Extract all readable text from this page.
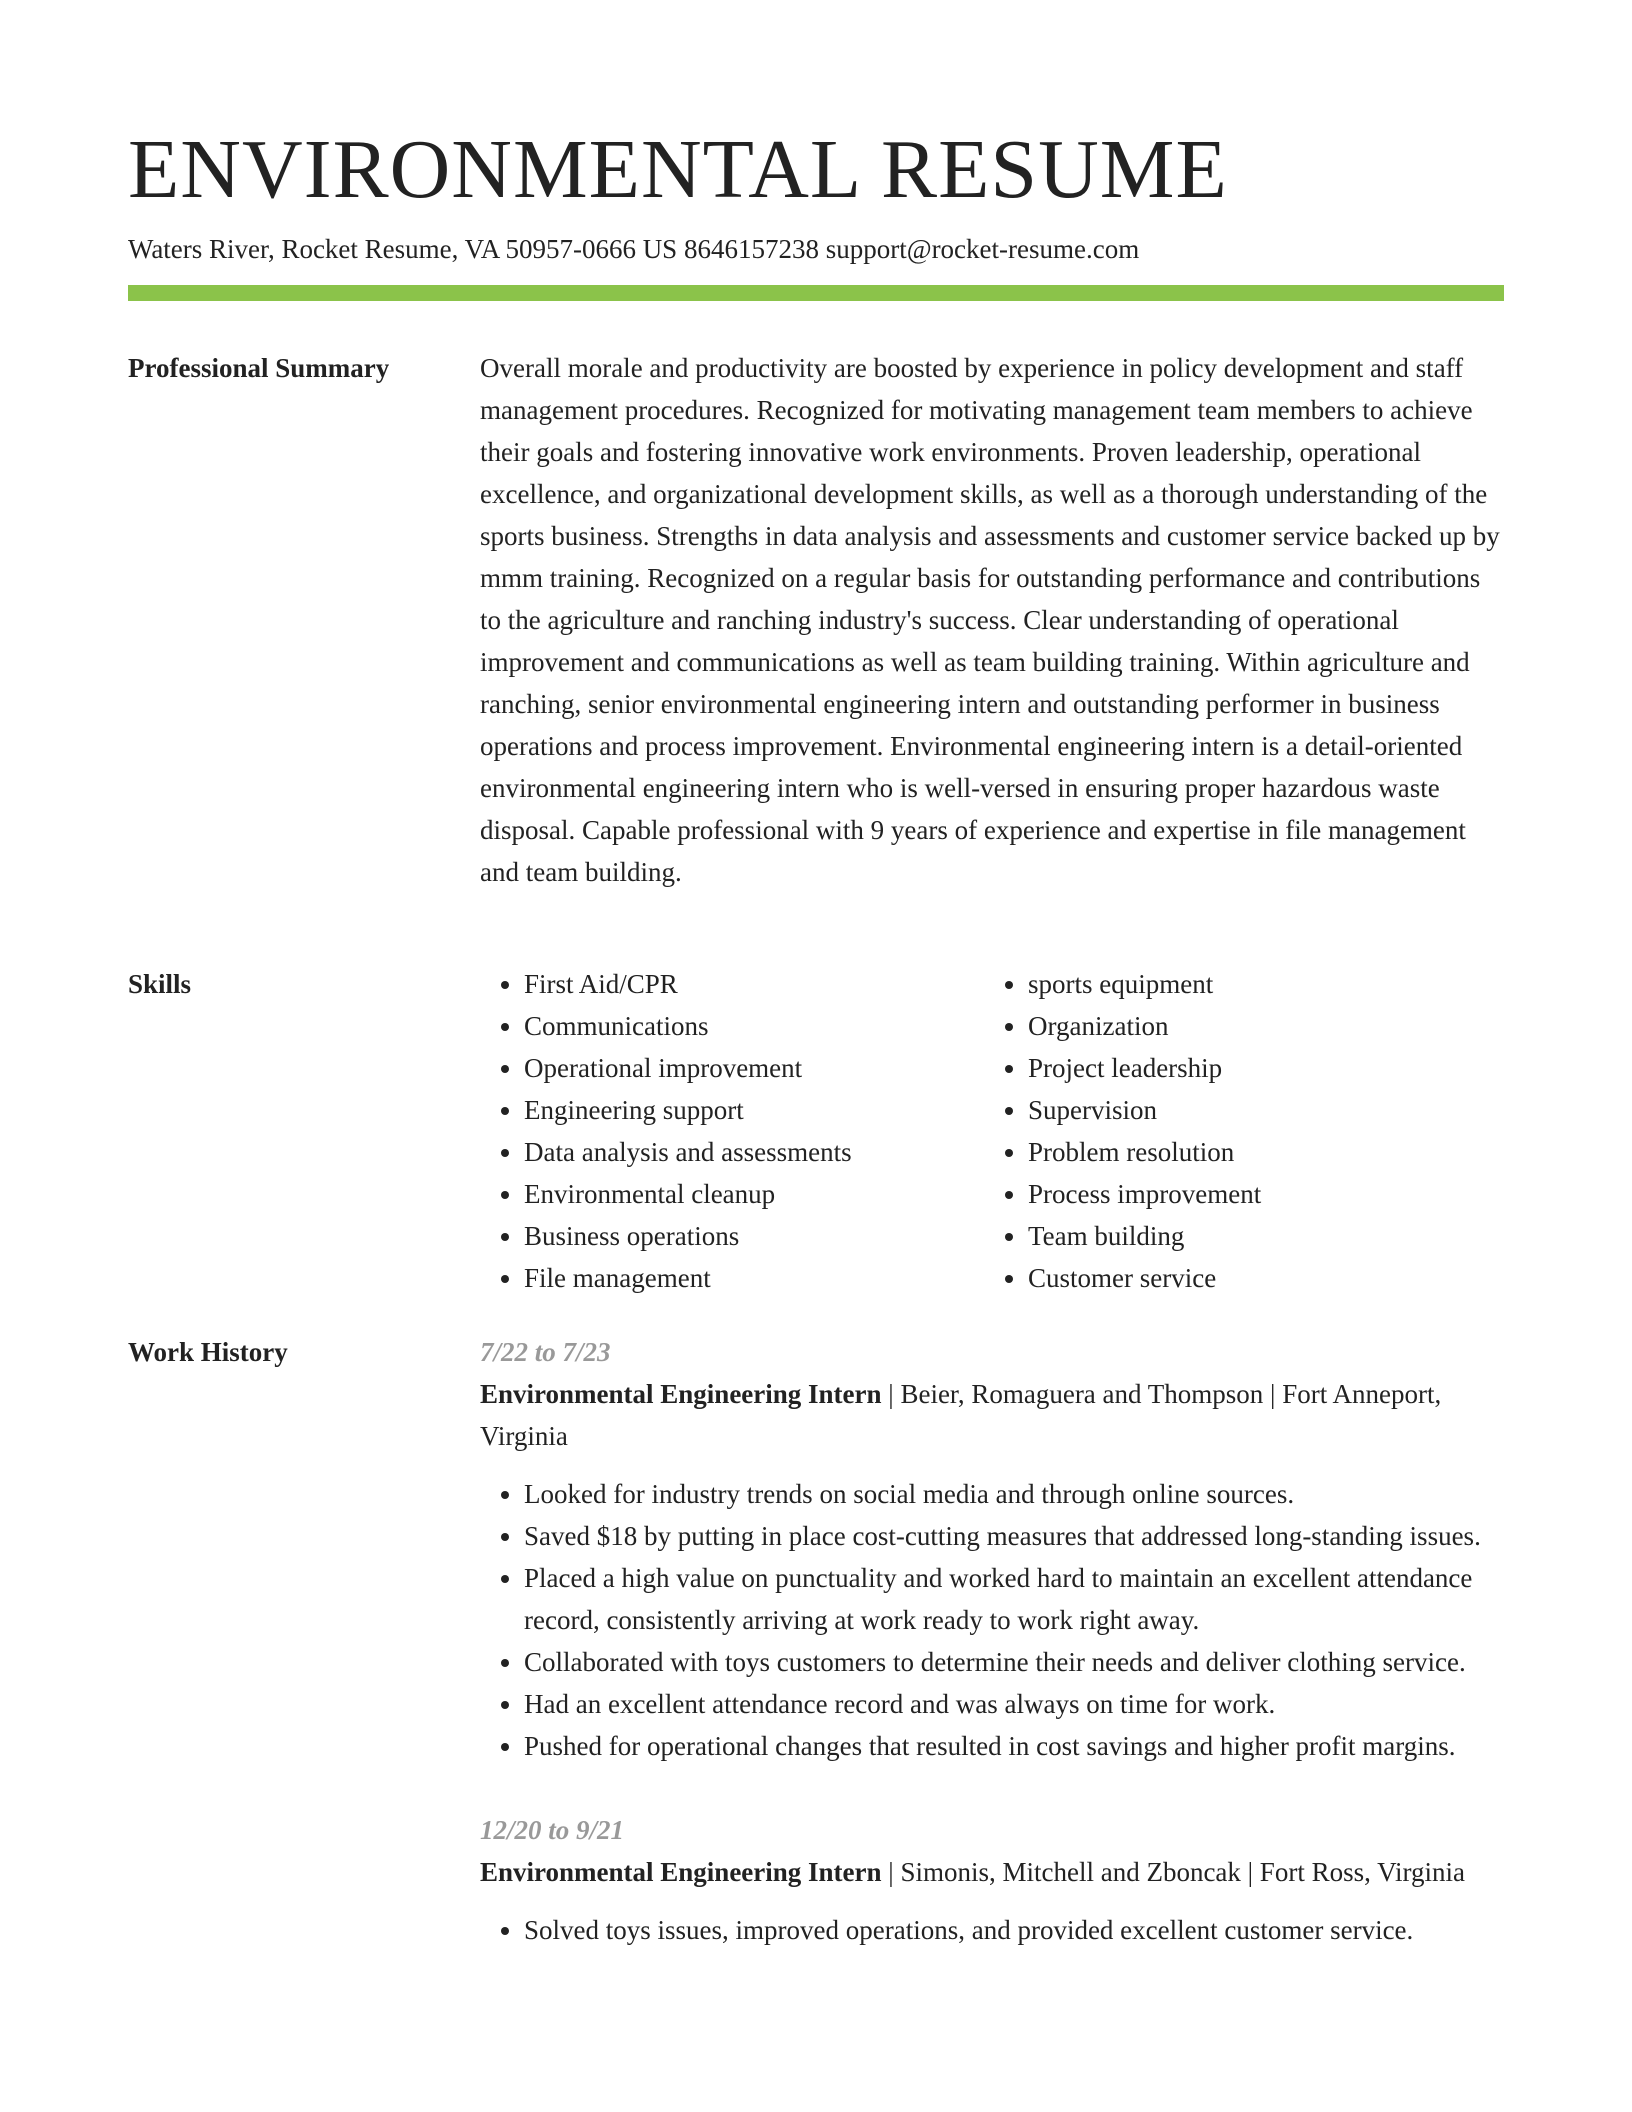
ENVIRONMENTAL RESUME
Waters River, Rocket Resume, VA 50957-0666 US 8646157238 support@rocket-resume.com
Professional Summary	Overall morale and productivity are boosted by experience in policy development and staff management procedures. Recognized for motivating management team members to achieve their goals and fostering innovative work environments. Proven leadership, operational excellence, and organizational development skills, as well as a thorough understanding of the sports business. Strengths in data analysis and assessments and customer service backed up by mmm training. Recognized on a regular basis for outstanding performance and contributions to the agriculture and ranching industry's success. Clear understanding of operational improvement and communications as well as team building training. Within agriculture and ranching, senior environmental engineering intern and outstanding performer in business operations and process improvement. Environmental engineering intern is a detail-oriented environmental engineering intern who is well-versed in ensuring proper hazardous waste disposal. Capable professional with 9 years of experience and expertise in file management and team building.

Skills
•	First Aid/CPR
• Communications
• Operational improvement
• Engineering support
• Data analysis and assessments
• Environmental cleanup
• Business operations
• File management
• sports equipment
• Organization
• Project leadership
• Supervision
• Problem resolution
• Process improvement
• Team building
• Customer service
Work History	7/22 to 7/23
Environmental Engineering Intern | Beier, Romaguera and Thompson | Fort Anneport, Virginia
• Looked for industry trends on social media and through online sources.
• Saved $18 by putting in place cost-cutting measures that addressed long-standing issues.
• Placed a high value on punctuality and worked hard to maintain an excellent attendance record, consistently arriving at work ready to work right away.
• Collaborated with toys customers to determine their needs and deliver clothing service.
• Had an excellent attendance record and was always on time for work.
• Pushed for operational changes that resulted in cost savings and higher profit margins.
12/20 to 9/21
Environmental Engineering Intern | Simonis, Mitchell and Zboncak | Fort Ross, Virginia
• Solved toys issues, improved operations, and provided excellent customer service.
